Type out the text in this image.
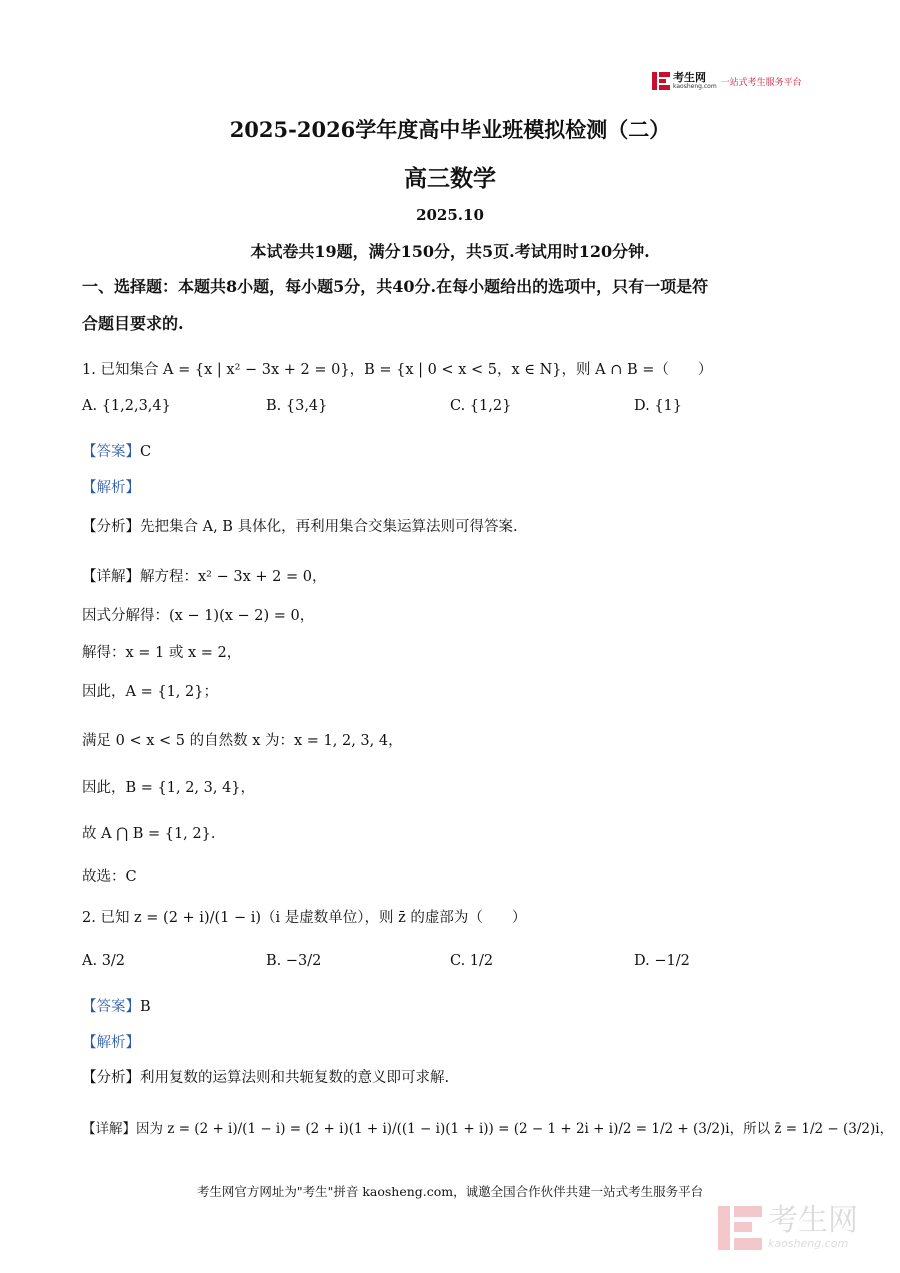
考生网
kaosheng.com 一站式考生服务平台
2025-2026学年度高中毕业班模拟检测（二）
高三数学
2025.10
本试卷共19题，满分150分，共5页.考试用时120分钟.
一、选择题：本题共8小题，每小题5分，共40分.在每小题给出的选项中，只有一项是符
合题目要求的.
1. 已知集合 A = {x | x² − 3x + 2 = 0}，B = {x | 0 < x < 5，x ∈ N}，则 A ∩ B =（　　）
A. {1,2,3,4}	B. {3,4}	C. {1,2}	D. {1}
【答案】C
【解析】
【分析】先把集合 A, B 具体化，再利用集合交集运算法则可得答案.
【详解】解方程：x² − 3x + 2 = 0，
因式分解得：(x − 1)(x − 2) = 0，
解得：x = 1 或 x = 2，
因此，A = {1, 2}；
满足 0 < x < 5 的自然数 x 为：x = 1, 2, 3, 4，
因此，B = {1, 2, 3, 4}，
故 A ⋂ B = {1, 2}.
故选：C
2. 已知 z = (2 + i)/(1 − i)（i 是虚数单位），则 z̄ 的虚部为（　　）
A. 3/2	B. −3/2	C. 1/2	D. −1/2
【答案】B
【解析】
【分析】利用复数的运算法则和共轭复数的意义即可求解.
【详解】因为 z = (2 + i)/(1 − i) = (2 + i)(1 + i)/((1 − i)(1 + i)) = (2 − 1 + 2i + i)/2 = 1/2 + (3/2)i，所以 z̄ = 1/2 − (3/2)i，
考生网官方网址为"考生"拼音 kaosheng.com，诚邀全国合作伙伴共建一站式考生服务平台
考生网
kaosheng.com
